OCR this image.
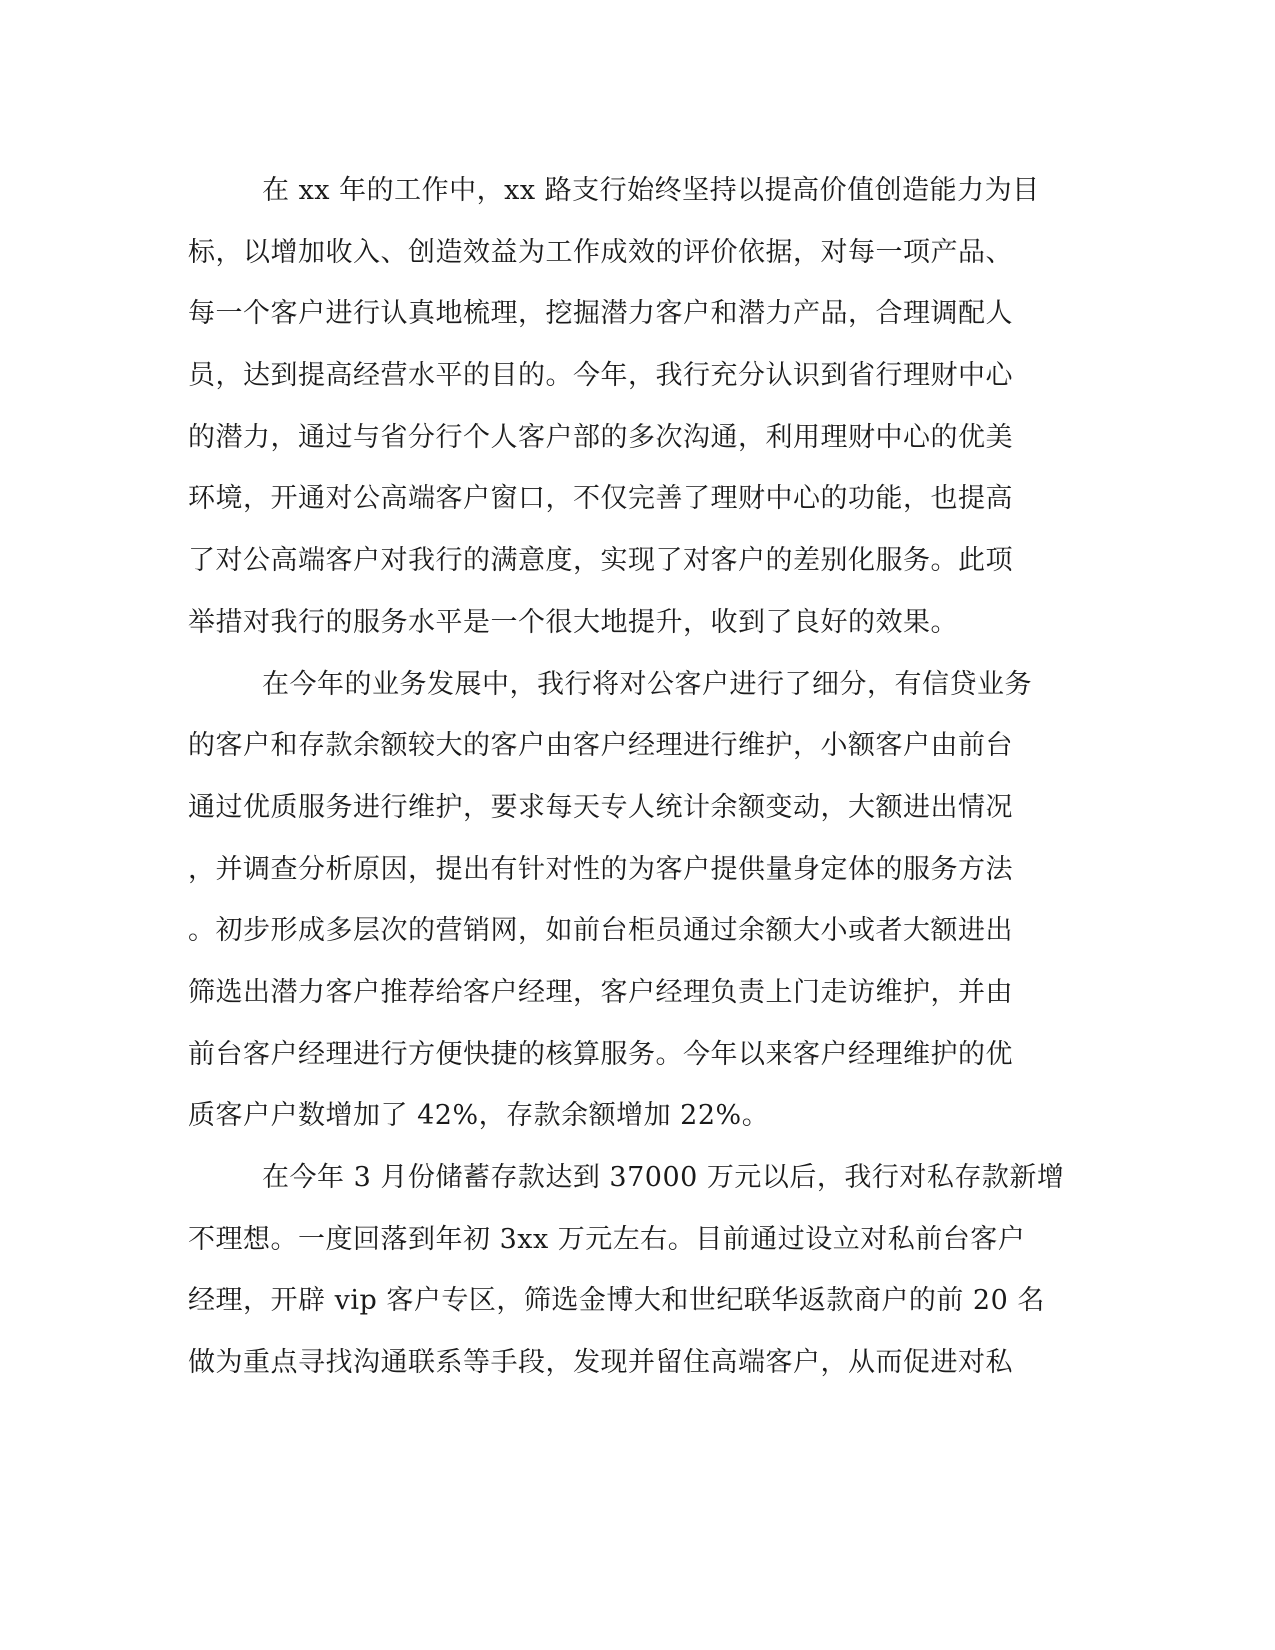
在 xx 年的工作中，xx 路支行始终坚持以提高价值创造能力为目
标，以增加收入、创造效益为工作成效的评价依据，对每一项产品、
每一个客户进行认真地梳理，挖掘潜力客户和潜力产品，合理调配人
员，达到提高经营水平的目的。今年，我行充分认识到省行理财中心
的潜力，通过与省分行个人客户部的多次沟通，利用理财中心的优美
环境，开通对公高端客户窗口，不仅完善了理财中心的功能，也提高
了对公高端客户对我行的满意度，实现了对客户的差别化服务。此项
举措对我行的服务水平是一个很大地提升，收到了良好的效果。
在今年的业务发展中，我行将对公客户进行了细分，有信贷业务
的客户和存款余额较大的客户由客户经理进行维护，小额客户由前台
通过优质服务进行维护，要求每天专人统计余额变动，大额进出情况
，并调查分析原因，提出有针对性的为客户提供量身定体的服务方法
。初步形成多层次的营销网，如前台柜员通过余额大小或者大额进出
筛选出潜力客户推荐给客户经理，客户经理负责上门走访维护，并由
前台客户经理进行方便快捷的核算服务。今年以来客户经理维护的优
质客户户数增加了 42%，存款余额增加 22%。
在今年 3 月份储蓄存款达到 37000 万元以后，我行对私存款新增
不理想。一度回落到年初 3xx 万元左右。目前通过设立对私前台客户
经理，开辟 vip 客户专区，筛选金博大和世纪联华返款商户的前 20 名
做为重点寻找沟通联系等手段，发现并留住高端客户，从而促进对私
